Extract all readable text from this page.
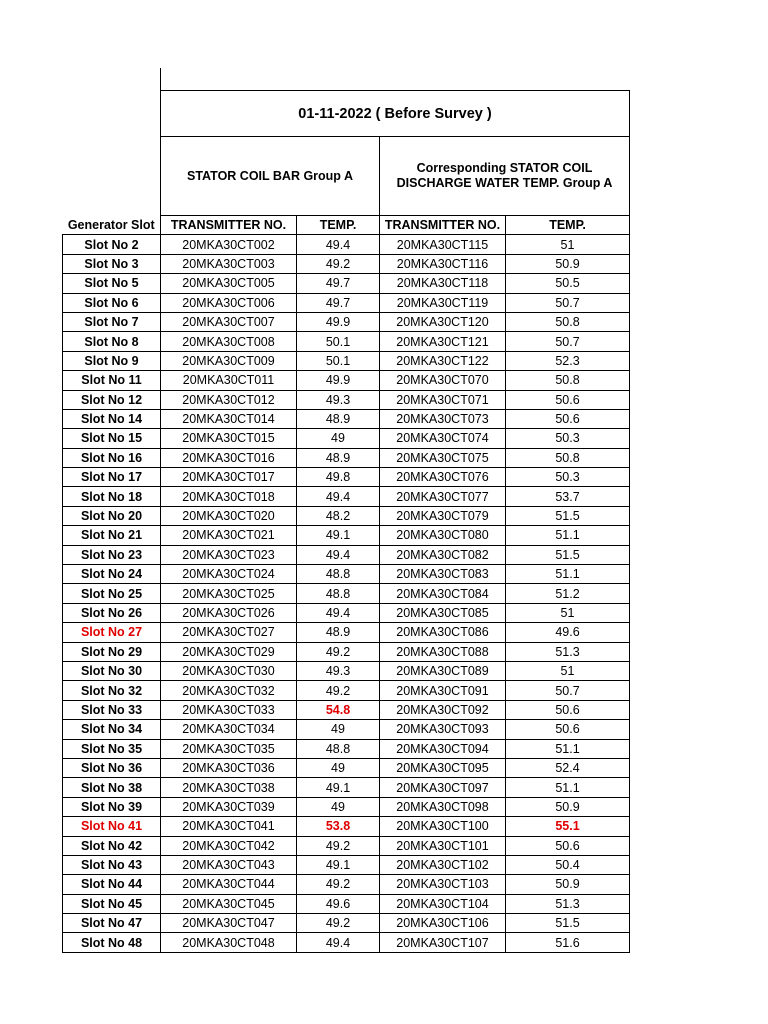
	01-11-2022 ( Before Survey )			
	STATOR COIL BAR Group A		Corresponding STATOR COIL DISCHARGE WATER TEMP. Group A	
Generator Slot	TRANSMITTER NO.	TEMP.	TRANSMITTER NO.	TEMP.
Slot No 2	20MKA30CT002	49.4	20MKA30CT115	51
Slot No 3	20MKA30CT003	49.2	20MKA30CT116	50.9
Slot No 5	20MKA30CT005	49.7	20MKA30CT118	50.5
Slot No 6	20MKA30CT006	49.7	20MKA30CT119	50.7
Slot No 7	20MKA30CT007	49.9	20MKA30CT120	50.8
Slot No 8	20MKA30CT008	50.1	20MKA30CT121	50.7
Slot No 9	20MKA30CT009	50.1	20MKA30CT122	52.3
Slot No 11	20MKA30CT011	49.9	20MKA30CT070	50.8
Slot No 12	20MKA30CT012	49.3	20MKA30CT071	50.6
Slot No 14	20MKA30CT014	48.9	20MKA30CT073	50.6
Slot No 15	20MKA30CT015	49	20MKA30CT074	50.3
Slot No 16	20MKA30CT016	48.9	20MKA30CT075	50.8
Slot No 17	20MKA30CT017	49.8	20MKA30CT076	50.3
Slot No 18	20MKA30CT018	49.4	20MKA30CT077	53.7
Slot No 20	20MKA30CT020	48.2	20MKA30CT079	51.5
Slot No 21	20MKA30CT021	49.1	20MKA30CT080	51.1
Slot No 23	20MKA30CT023	49.4	20MKA30CT082	51.5
Slot No 24	20MKA30CT024	48.8	20MKA30CT083	51.1
Slot No 25	20MKA30CT025	48.8	20MKA30CT084	51.2
Slot No 26	20MKA30CT026	49.4	20MKA30CT085	51
Slot No 27	20MKA30CT027	48.9	20MKA30CT086	49.6
Slot No 29	20MKA30CT029	49.2	20MKA30CT088	51.3
Slot No 30	20MKA30CT030	49.3	20MKA30CT089	51
Slot No 32	20MKA30CT032	49.2	20MKA30CT091	50.7
Slot No 33	20MKA30CT033	54.8	20MKA30CT092	50.6
Slot No 34	20MKA30CT034	49	20MKA30CT093	50.6
Slot No 35	20MKA30CT035	48.8	20MKA30CT094	51.1
Slot No 36	20MKA30CT036	49	20MKA30CT095	52.4
Slot No 38	20MKA30CT038	49.1	20MKA30CT097	51.1
Slot No 39	20MKA30CT039	49	20MKA30CT098	50.9
Slot No 41	20MKA30CT041	53.8	20MKA30CT100	55.1
Slot No 42	20MKA30CT042	49.2	20MKA30CT101	50.6
Slot No 43	20MKA30CT043	49.1	20MKA30CT102	50.4
Slot No 44	20MKA30CT044	49.2	20MKA30CT103	50.9
Slot No 45	20MKA30CT045	49.6	20MKA30CT104	51.3
Slot No 47	20MKA30CT047	49.2	20MKA30CT106	51.5
Slot No 48	20MKA30CT048	49.4	20MKA30CT107	51.6
